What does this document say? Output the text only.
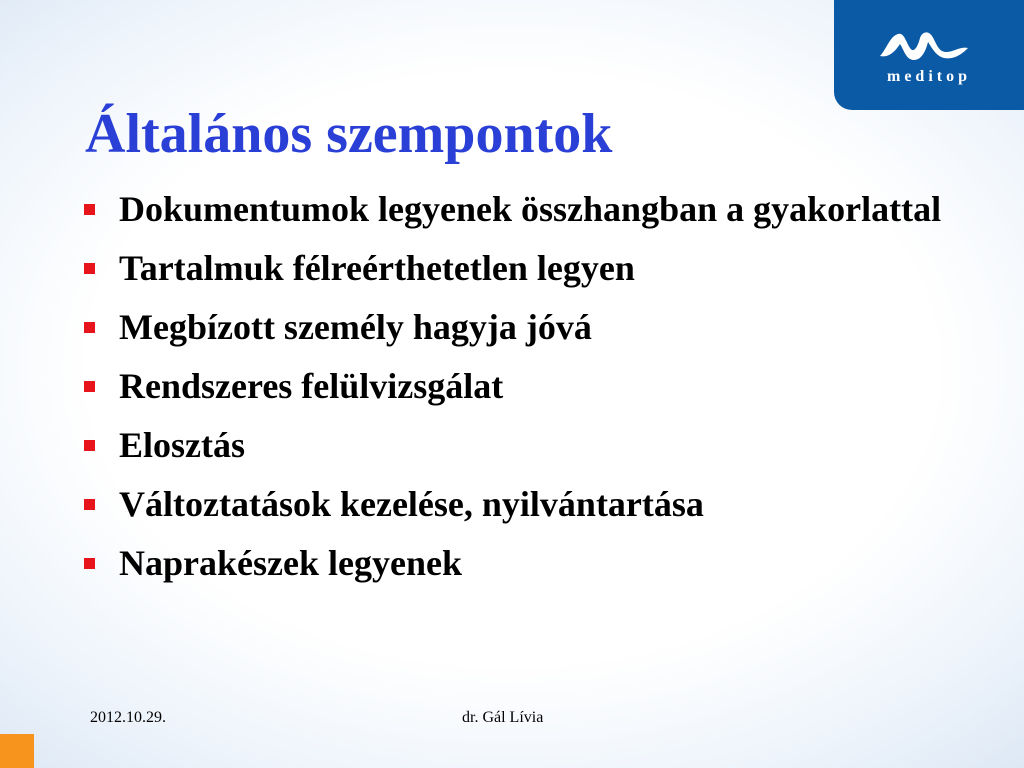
meditop
Általános szempontok
Dokumentumok legyenek összhangban a gyakorlattal
Tartalmuk félreérthetetlen legyen
Megbízott személy hagyja jóvá
Rendszeres felülvizsgálat
Elosztás
Változtatások kezelése, nyilvántartása
Naprakészek legyenek
2012.10.29.	dr. Gál Lívia
